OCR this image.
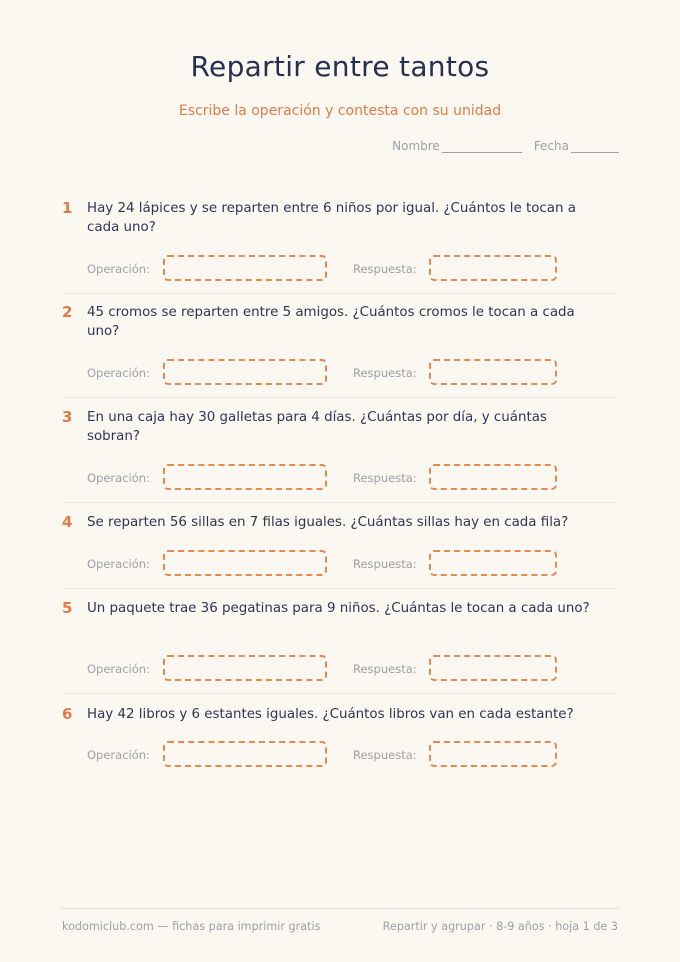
Repartir entre tantos
Escribe la operación y contesta con su unidad
Nombre	Fecha
1 Hay 24 lápices y se reparten entre 6 niños por igual. ¿Cuántos le tocan a cada uno?
Operación:	Respuesta:
2 45 cromos se reparten entre 5 amigos. ¿Cuántos cromos le tocan a cada uno?
Operación:	Respuesta:
3 En una caja hay 30 galletas para 4 días. ¿Cuántas por día, y cuántas sobran?
Operación:	Respuesta:
4 Se reparten 56 sillas en 7 filas iguales. ¿Cuántas sillas hay en cada fila?
Operación:	Respuesta:
5 Un paquete trae 36 pegatinas para 9 niños. ¿Cuántas le tocan a cada uno?
Operación:	Respuesta:
6 Hay 42 libros y 6 estantes iguales. ¿Cuántos libros van en cada estante?
Operación:	Respuesta:
kodomiclub.com — fichas para imprimir gratis	Repartir y agrupar · 8-9 años · hoja 1 de 3
